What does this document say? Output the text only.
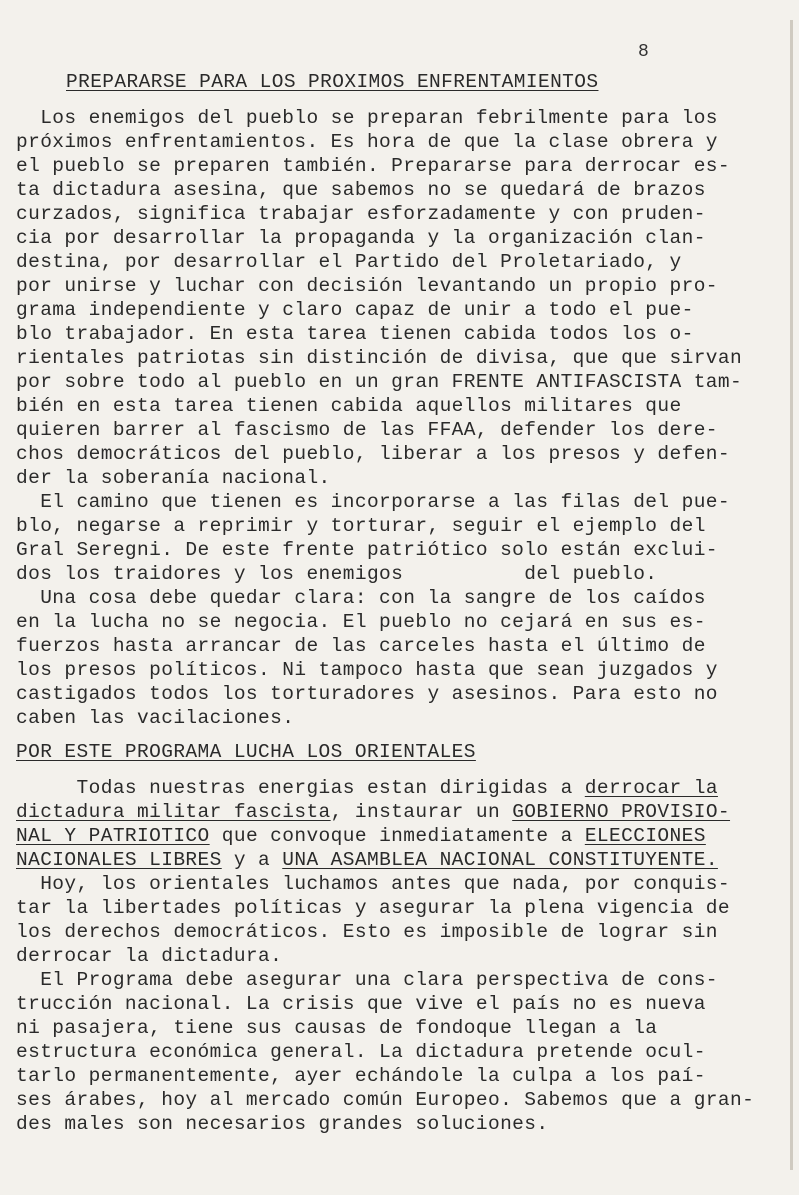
8
PREPARARSE PARA LOS PROXIMOS ENFRENTAMIENTOS
Los enemigos del pueblo se preparan febrilmente para los
próximos enfrentamientos. Es hora de que la clase obrera y
el pueblo se preparen también. Prepararse para derrocar es-
ta dictadura asesina, que sabemos no se quedará de brazos
curzados, significa trabajar esforzadamente y con pruden-
cia por desarrollar la propaganda y la organización clan-
destina, por desarrollar el Partido del Proletariado, y
por unirse y luchar con decisión levantando un propio pro-
grama independiente y claro capaz de unir a todo el pue-
blo trabajador. En esta tarea tienen cabida todos los o-
rientales patriotas sin distinción de divisa, que que sirvan
por sobre todo al pueblo en un gran FRENTE ANTIFASCISTA tam-
bién en esta tarea tienen cabida aquellos militares que
quieren barrer al fascismo de las FFAA, defender los dere-
chos democráticos del pueblo, liberar a los presos y defen-
der la soberanía nacional.
El camino que tienen es incorporarse a las filas del pue-
blo, negarse a reprimir y torturar, seguir el ejemplo del
Gral Seregni. De este frente patriótico solo están exclui-
dos los traidores y los enemigos          del pueblo.
Una cosa debe quedar clara: con la sangre de los caídos
en la lucha no se negocia. El pueblo no cejará en sus es-
fuerzos hasta arrancar de las carceles hasta el último de
los presos políticos. Ni tampoco hasta que sean juzgados y
castigados todos los torturadores y asesinos. Para esto no
caben las vacilaciones.
POR ESTE PROGRAMA LUCHA LOS ORIENTALES
Todas nuestras energias estan dirigidas a derrocar la
dictadura militar fascista, instaurar un GOBIERNO PROVISIO-
NAL Y PATRIOTICO que convoque inmediatamente a ELECCIONES
NACIONALES LIBRES y a UNA ASAMBLEA NACIONAL CONSTITUYENTE.
Hoy, los orientales luchamos antes que nada, por conquis-
tar la libertades políticas y asegurar la plena vigencia de
los derechos democráticos. Esto es imposible de lograr sin
derrocar la dictadura.
El Programa debe asegurar una clara perspectiva de cons-
trucción nacional. La crisis que vive el país no es nueva
ni pasajera, tiene sus causas de fondoque llegan a la
estructura económica general. La dictadura pretende ocul-
tarlo permanentemente, ayer echándole la culpa a los paí-
ses árabes, hoy al mercado común Europeo. Sabemos que a gran-
des males son necesarios grandes soluciones.
